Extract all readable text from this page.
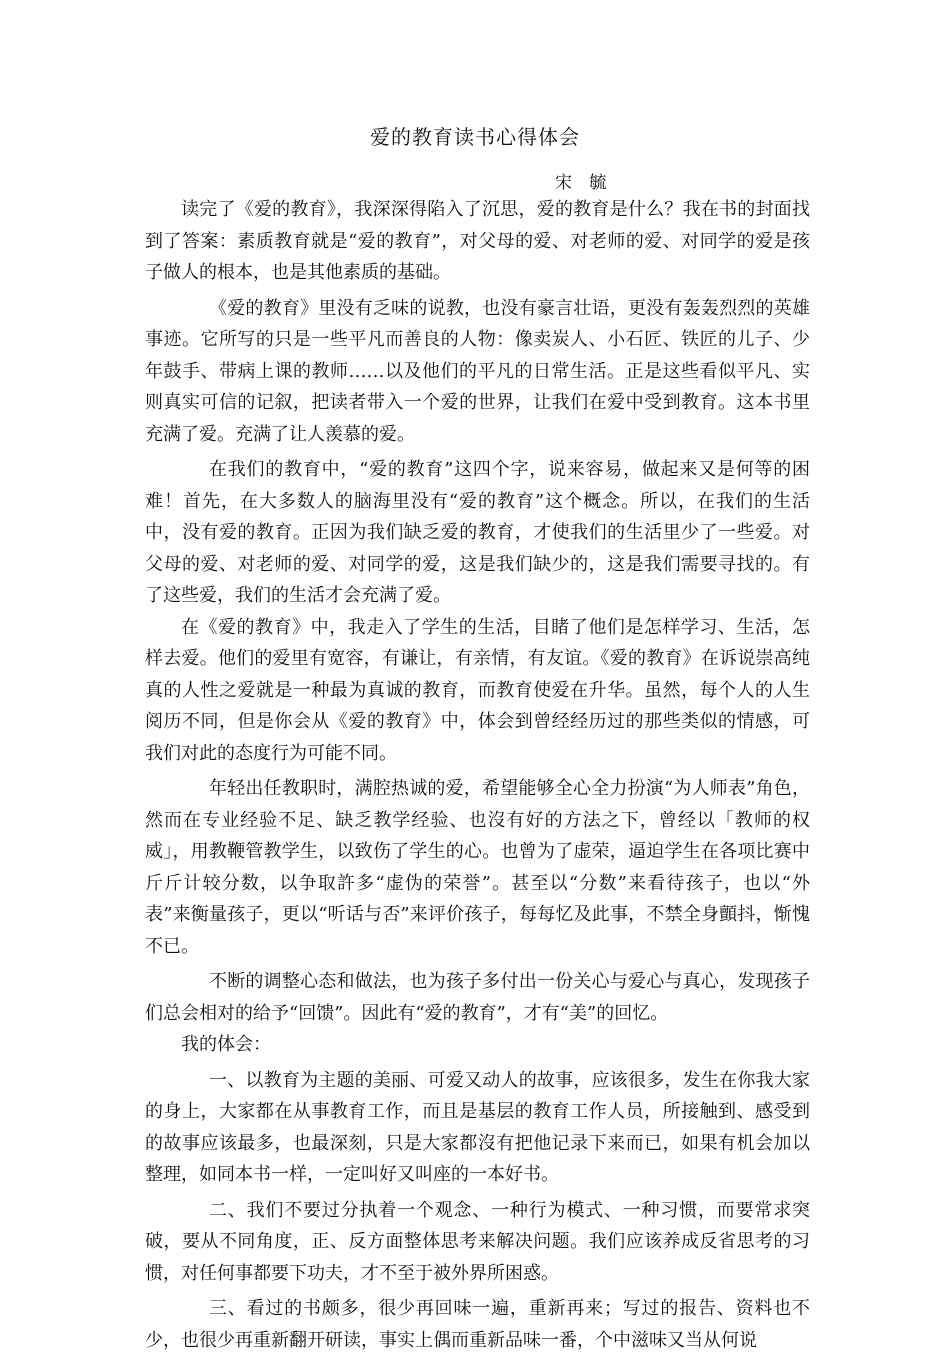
爱的教育读书心得体会
宋 毓

读完了《爱的教育》，我深深得陷入了沉思，爱的教育是什么？我在书的封面找到了答案：素质教育就是“爱的教育”，对父母的爱、对老师的爱、对同学的爱是孩子做人的根本，也是其他素质的基础。

《爱的教育》里没有乏味的说教，也没有豪言壮语，更没有轰轰烈烈的英雄事迹。它所写的只是一些平凡而善良的人物：像卖炭人、小石匠、铁匠的儿子、少年鼓手、带病上课的教师……以及他们的平凡的日常生活。正是这些看似平凡、实则真实可信的记叙，把读者带入一个爱的世界，让我们在爱中受到教育。这本书里充满了爱。充满了让人羡慕的爱。

在我们的教育中，“爱的教育”这四个字，说来容易，做起来又是何等的困难！首先，在大多数人的脑海里没有“爱的教育”这个概念。所以，在我们的生活中，没有爱的教育。正因为我们缺乏爱的教育，才使我们的生活里少了一些爱。对父母的爱、对老师的爱、对同学的爱，这是我们缺少的，这是我们需要寻找的。有了这些爱，我们的生活才会充满了爱。

在《爱的教育》中，我走入了学生的生活，目睹了他们是怎样学习、生活，怎样去爱。他们的爱里有宽容，有谦让，有亲情，有友谊。《爱的教育》在诉说崇高纯真的人性之爱就是一种最为真诚的教育，而教育使爱在升华。虽然，每个人的人生阅历不同，但是你会从《爱的教育》中，体会到曾经经历过的那些类似的情感，可我们对此的态度行为可能不同。

年轻出任教职时，满腔热诚的爱，希望能够全心全力扮演“为人师表”角色，然而在专业经验不足、缺乏教学经验、也沒有好的方法之下，曾经以「教师的权威」，用教鞭管教学生，以致伤了学生的心。也曾为了虚荣，逼迫学生在各项比赛中斤斤计较分数，以争取許多“虚伪的荣誉”。甚至以“分数”来看待孩子，也以“外表”来衡量孩子，更以“听话与否”来评价孩子，每每忆及此事，不禁全身顫抖，惭愧不已。

不断的调整心态和做法，也为孩子多付出一份关心与爱心与真心，发现孩子们总会相对的给予“回馈”。因此有“爱的教育”，才有“美”的回忆。

我的体会：

一、以教育为主题的美丽、可爱又动人的故事，应该很多，发生在你我大家的身上，大家都在从事教育工作，而且是基层的教育工作人员，所接触到、感受到的故事应该最多，也最深刻，只是大家都沒有把他记录下来而已，如果有机会加以整理，如同本书一样，一定叫好又叫座的一本好书。

二、我们不要过分执着一个观念、一种行为模式、一种习惯，而要常求突破，要从不同角度，正、反方面整体思考来解决问题。我们应该养成反省思考的习惯，对任何事都要下功夫，才不至于被外界所困惑。

三、看过的书颇多，很少再回味一遍，重新再来；写过的报告、资料也不少，也很少再重新翻开研读，事实上偶而重新品味一番，个中滋味又当从何说
